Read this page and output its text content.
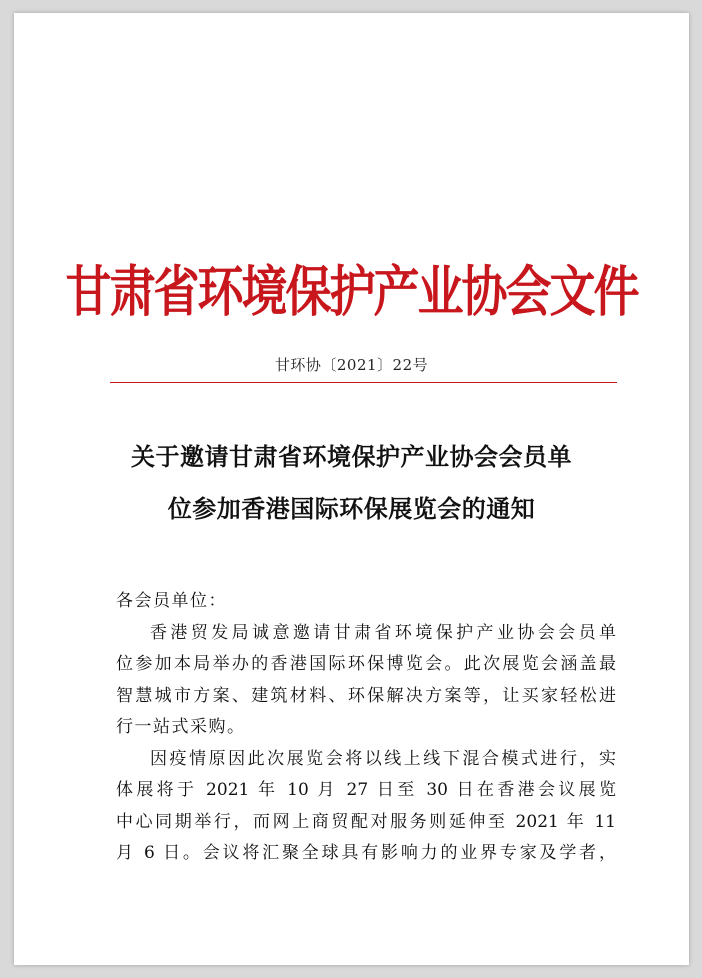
甘肃省环境保护产业协会文件
甘环协〔2021〕22号
关于邀请甘肃省环境保护产业协会会员单
位参加香港国际环保展览会的通知

各会员单位：

香港贸发局诚意邀请甘肃省环境保护产业协会会员单

位参加本局举办的香港国际环保博览会。此次展览会涵盖最

智慧城市方案、建筑材料、环保解决方案等，让买家轻松进

行一站式采购。

因疫情原因此次展览会将以线上线下混合模式进行，实

体展将于 2021 年 10 月 27 日至 30 日在香港会议展览

中心同期举行，而网上商贸配对服务则延伸至 2021 年 11

月 6 日。会议将汇聚全球具有影响力的业界专家及学者，
